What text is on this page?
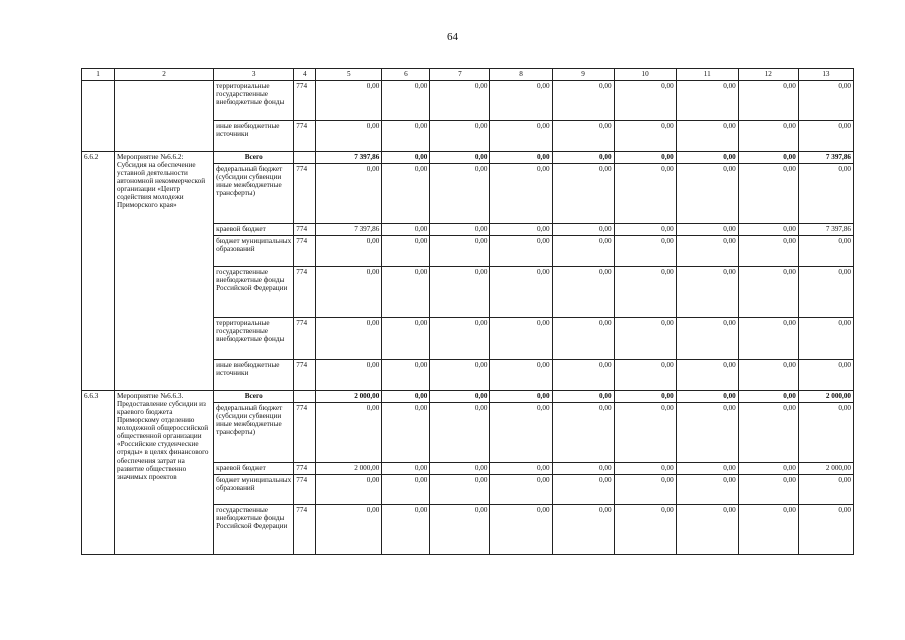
64
1	2	3	4	5	6	7	8	9	10	11	12	13
		территориальные государственные внебюджетные фонды	774	0,00	0,00	0,00	0,00	0,00	0,00	0,00	0,00	0,00
		иные внебюджетные источники	774	0,00	0,00	0,00	0,00	0,00	0,00	0,00	0,00	0,00
6.6.2	Мероприятие №6.6.2: Субсидия на обеспечение уставной деятельности автономной некоммерческой организации «Центр содействия молодежи Приморского края»	Всего		7 397,86	0,00	0,00	0,00	0,00	0,00	0,00	0,00	7 397,86
		федеральный бюджет (субсидии субвенции иные межбюджетные трансферты)	774	0,00	0,00	0,00	0,00	0,00	0,00	0,00	0,00	0,00
		краевой бюджет	774	7 397,86	0,00	0,00	0,00	0,00	0,00	0,00	0,00	7 397,86
		бюджет муниципальных образований	774	0,00	0,00	0,00	0,00	0,00	0,00	0,00	0,00	0,00
		государственные внебюджетные фонды Российской Федерации	774	0,00	0,00	0,00	0,00	0,00	0,00	0,00	0,00	0,00
		территориальные государственные внебюджетные фонды	774	0,00	0,00	0,00	0,00	0,00	0,00	0,00	0,00	0,00
		иные внебюджетные источники	774	0,00	0,00	0,00	0,00	0,00	0,00	0,00	0,00	0,00
6.6.3	Мероприятие №6.6.3. Предоставление субсидии из краевого бюджета Приморскому отделению молодежной общероссийской общественной организации «Российские студенческие отряды» в целях финансового обеспечения затрат на развитие общественно значимых проектов	Всего		2 000,00	0,00	0,00	0,00	0,00	0,00	0,00	0,00	2 000,00
		федеральный бюджет (субсидии субвенции иные межбюджетные трансферты)	774	0,00	0,00	0,00	0,00	0,00	0,00	0,00	0,00	0,00
		краевой бюджет	774	2 000,00	0,00	0,00	0,00	0,00	0,00	0,00	0,00	2 000,00
		бюджет муниципальных образований	774	0,00	0,00	0,00	0,00	0,00	0,00	0,00	0,00	0,00
		государственные внебюджетные фонды Российской Федерации	774	0,00	0,00	0,00	0,00	0,00	0,00	0,00	0,00	0,00
